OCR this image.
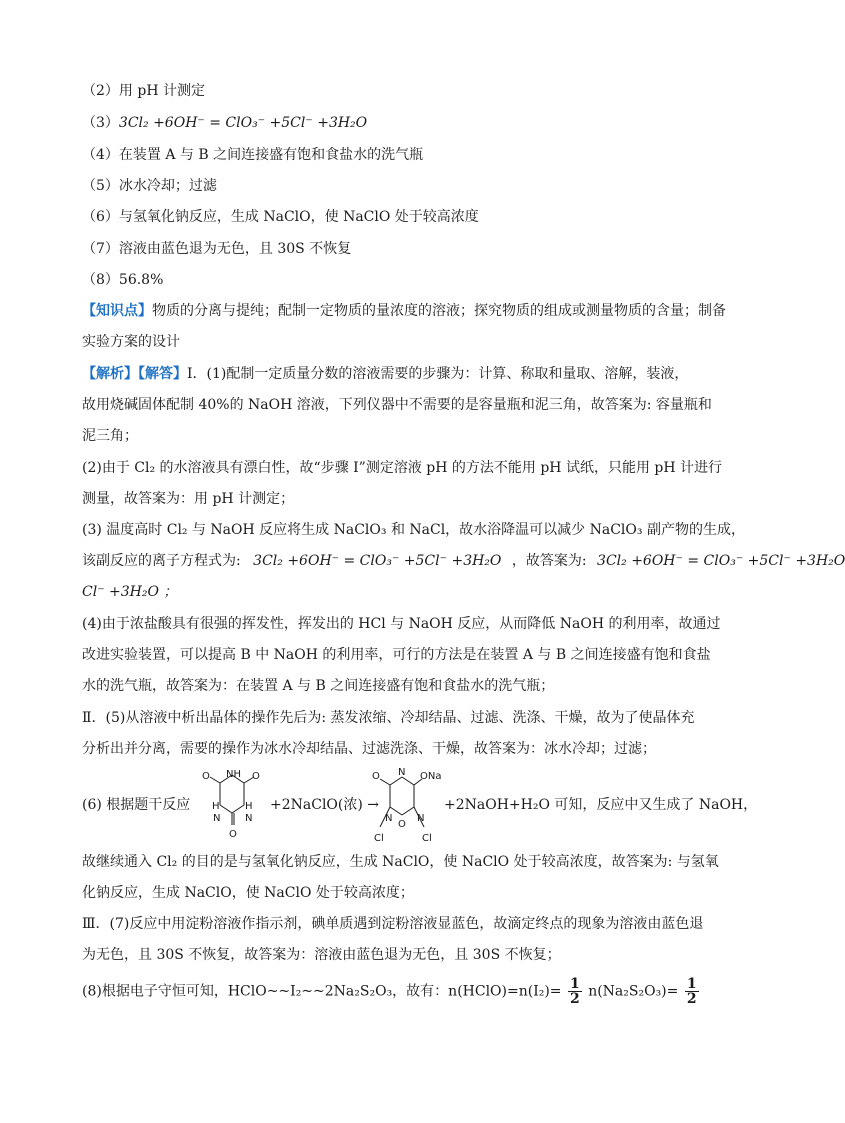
（2）用 pH 计测定
（3）3Cl₂ +6OH⁻ = ClO₃⁻ +5Cl⁻ +3H₂O
（4）在装置 A 与 B 之间连接盛有饱和食盐水的洗气瓶
（5）冰水冷却；过滤
（6）与氢氧化钠反应，生成 NaClO，使 NaClO 处于较高浓度
（7）溶液由蓝色退为无色，且 30S 不恢复
（8）56.8%
【知识点】物质的分离与提纯；配制一定物质的量浓度的溶液；探究物质的组成或测量物质的含量；制备
实验方案的设计
【解析】【解答】Ⅰ．(1)配制一定质量分数的溶液需要的步骤为：计算、称取和量取、溶解，装液，
故用烧碱固体配制 40%的 NaOH 溶液，下列仪器中不需要的是容量瓶和泥三角，故答案为: 容量瓶和
泥三角；
(2)由于 Cl₂ 的水溶液具有漂白性，故“步骤 I”测定溶液 pH 的方法不能用 pH 试纸，只能用 pH 计进行
测量，故答案为：用 pH 计测定；
(3) 温度高时 Cl₂ 与 NaOH 反应将生成 NaClO₃ 和 NaCl，故水浴降温可以减少 NaClO₃ 副产物的生成，
该副反应的离子方程式为: 3Cl₂ +6OH⁻ = ClO₃⁻ +5Cl⁻ +3H₂O ，故答案为: 3Cl₂ +6OH⁻ = ClO₃⁻ +5Cl⁻ +3H₂O
Cl⁻ +3H₂O ；
(4)由于浓盐酸具有很强的挥发性，挥发出的 HCl 与 NaOH 反应，从而降低 NaOH 的利用率，故通过
改进实验装置，可以提高 B 中 NaOH 的利用率，可行的方法是在装置 A 与 B 之间连接盛有饱和食盐
水的洗气瓶，故答案为：在装置 A 与 B 之间连接盛有饱和食盐水的洗气瓶；
Ⅱ．(5)从溶液中析出晶体的操作先后为: 蒸发浓缩、冷却结晶、过滤、洗涤、干燥，故为了使晶体充
分析出并分离，需要的操作为冰水冷却结晶、过滤洗涤、干燥，故答案为：冰水冷却；过滤；
(6) 根据题干反应
O NH O
H	H
N N
O
+2NaClO(浓) →
O N ONa
N N
O
Cl	Cl
+2NaOH+H₂O 可知，反应中又生成了 NaOH，
故继续通入 Cl₂ 的目的是与氢氧化钠反应，生成 NaClO，使 NaClO 处于较高浓度，故答案为: 与氢氧
化钠反应，生成 NaClO，使 NaClO 处于较高浓度；
Ⅲ．(7)反应中用淀粉溶液作指示剂，碘单质遇到淀粉溶液显蓝色，故滴定终点的现象为溶液由蓝色退
为无色，且 30S 不恢复，故答案为：溶液由蓝色退为无色，且 30S 不恢复；
(8)根据电子守恒可知，HClO~~I₂~~2Na₂S₂O₃，故有：n(HClO)=n(I₂)= $\frac{1}{2} n(Na_2S_2O_3)= \frac{1}{2}$
